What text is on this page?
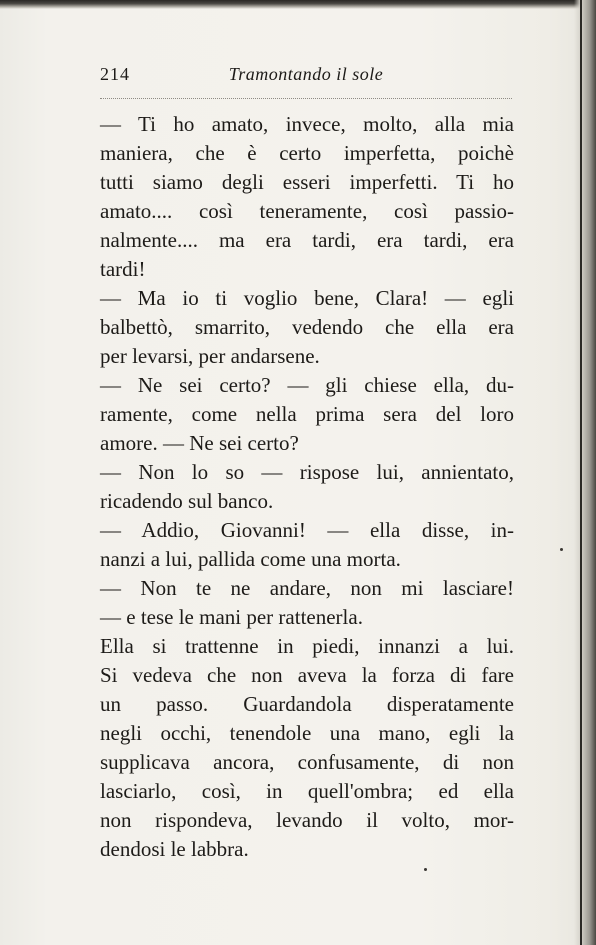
214	Tramontando il sole
— Ti ho amato, invece, molto, alla mia
maniera, che è certo imperfetta, poichè
tutti siamo degli esseri imperfetti. Ti ho
amato.... così teneramente, così passio-
nalmente.... ma era tardi, era tardi, era
tardi!
— Ma io ti voglio bene, Clara! — egli
balbettò, smarrito, vedendo che ella era
per levarsi, per andarsene.
— Ne sei certo? — gli chiese ella, du-
ramente, come nella prima sera del loro
amore. — Ne sei certo?
— Non lo so — rispose lui, annientato,
ricadendo sul banco.
— Addio, Giovanni! — ella disse, in-
nanzi a lui, pallida come una morta.
— Non te ne andare, non mi lasciare!
— e tese le mani per rattenerla.
Ella si trattenne in piedi, innanzi a lui.
Si vedeva che non aveva la forza di fare
un passo. Guardandola disperatamente
negli occhi, tenendole una mano, egli la
supplicava ancora, confusamente, di non
lasciarlo, così, in quell'ombra; ed ella
non rispondeva, levando il volto, mor-
dendosi le labbra.
